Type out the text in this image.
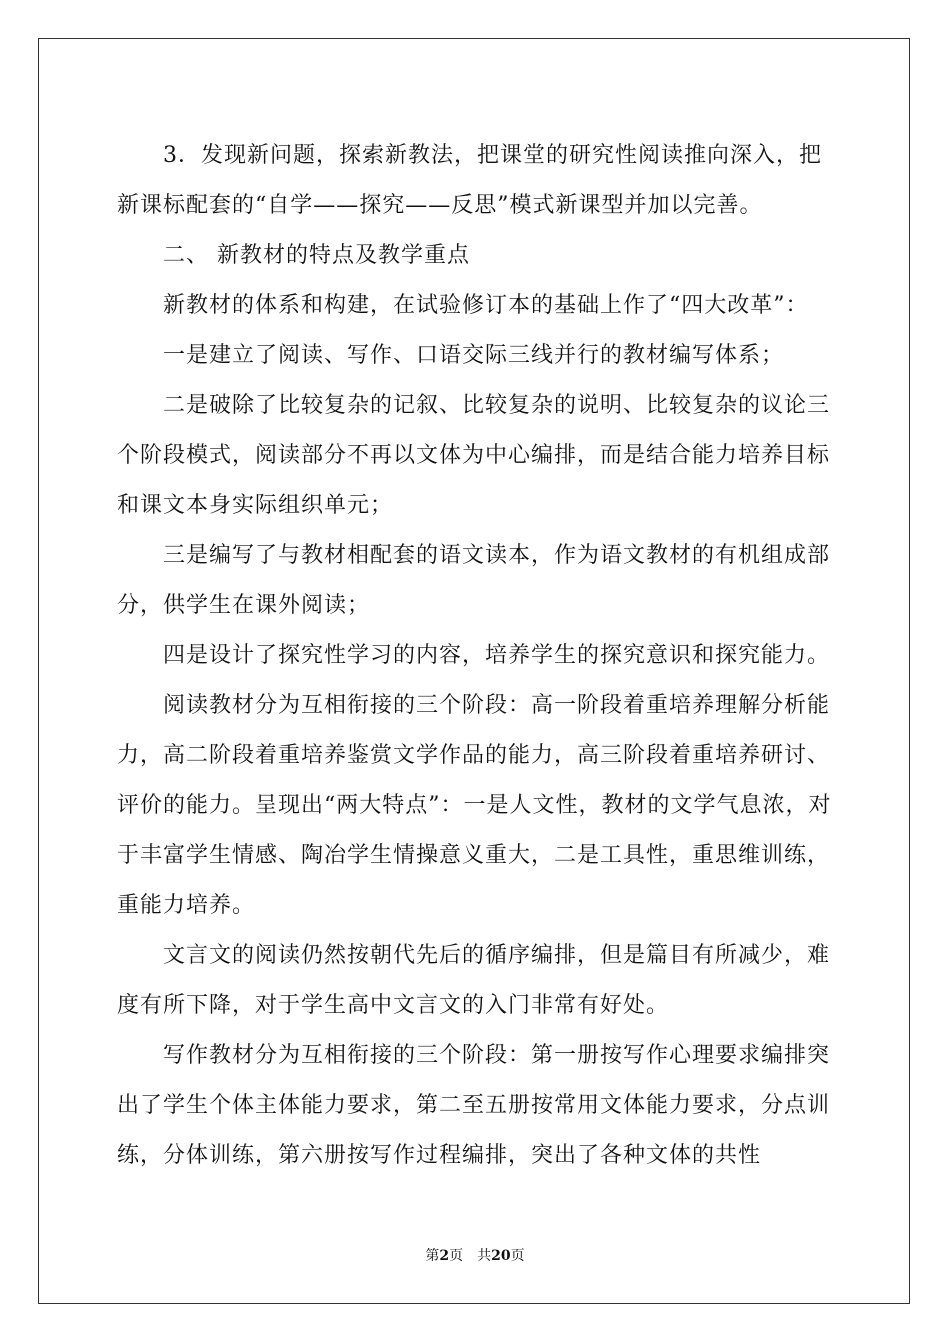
3．发现新问题，探索新教法，把课堂的研究性阅读推向深入，把新课标配套的“自学——探究——反思”模式新课型并加以完善。

二、 新教材的特点及教学重点

新教材的体系和构建，在试验修订本的基础上作了“四大改革”：

一是建立了阅读、写作、口语交际三线并行的教材编写体系；

二是破除了比较复杂的记叙、比较复杂的说明、比较复杂的议论三个阶段模式，阅读部分不再以文体为中心编排，而是结合能力培养目标和课文本身实际组织单元；

三是编写了与教材相配套的语文读本，作为语文教材的有机组成部分，供学生在课外阅读；

四是设计了探究性学习的内容，培养学生的探究意识和探究能力。

阅读教材分为互相衔接的三个阶段：高一阶段着重培养理解分析能力，高二阶段着重培养鉴赏文学作品的能力，高三阶段着重培养研讨、评价的能力。呈现出“两大特点”：一是人文性，教材的文学气息浓，对于丰富学生情感、陶冶学生情操意义重大，二是工具性，重思维训练，重能力培养。

文言文的阅读仍然按朝代先后的循序编排，但是篇目有所减少，难度有所下降，对于学生高中文言文的入门非常有好处。

写作教材分为互相衔接的三个阶段：第一册按写作心理要求编排突出了学生个体主体能力要求，第二至五册按常用文体能力要求，分点训练，分体训练，第六册按写作过程编排，突出了各种文体的共性

第2页　共20页
